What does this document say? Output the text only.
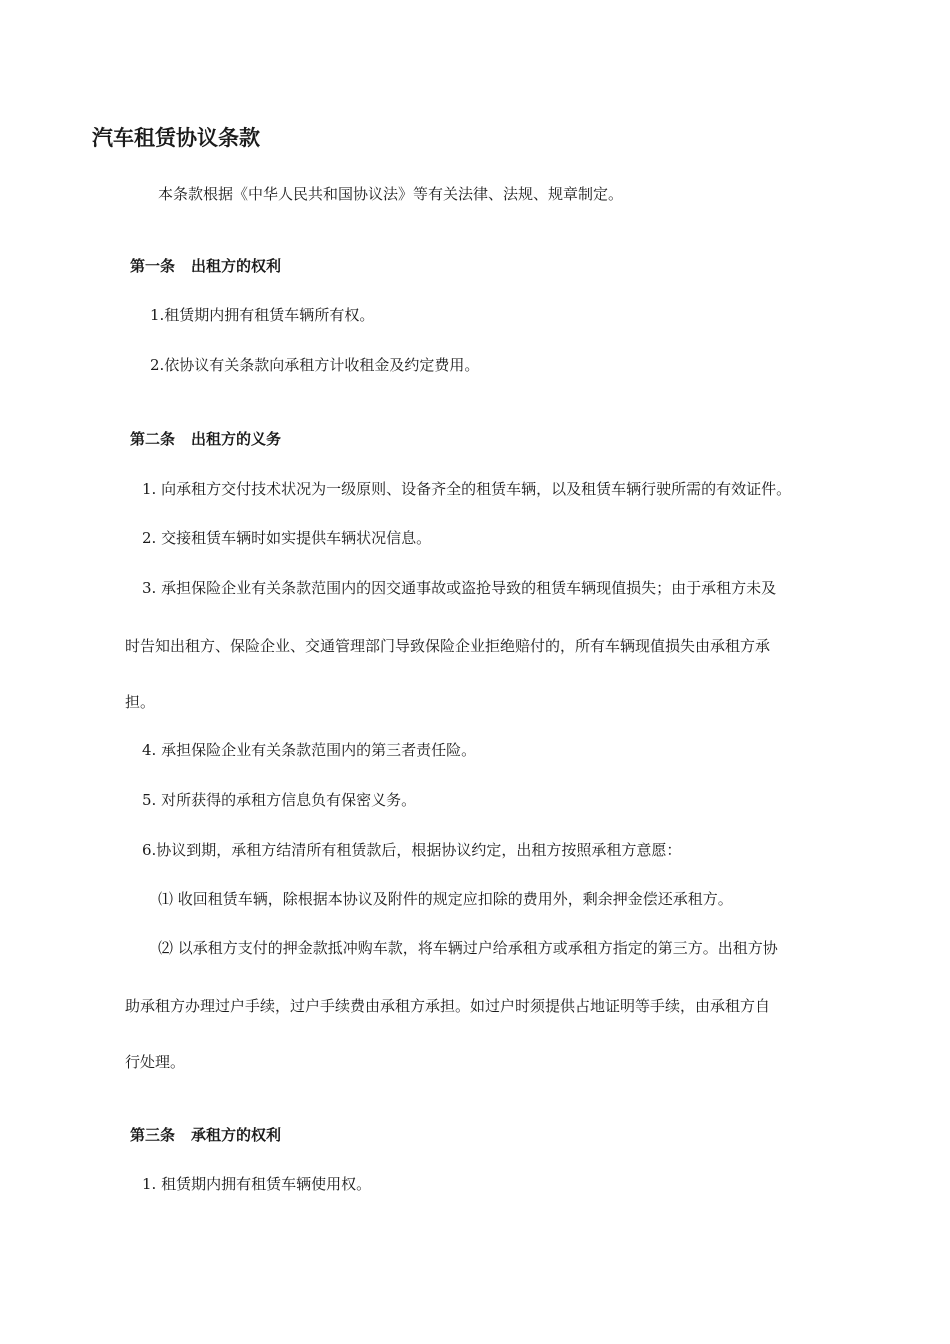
汽车租赁协议条款
本条款根据《中华人民共和国协议法》等有关法律、法规、规章制定。
第一条 出租方的权利
1.租赁期内拥有租赁车辆所有权。
2.依协议有关条款向承租方计收租金及约定费用。
第二条 出租方的义务
1. 向承租方交付技术状况为一级原则、设备齐全的租赁车辆，以及租赁车辆行驶所需的有效证件。
2. 交接租赁车辆时如实提供车辆状况信息。
3. 承担保险企业有关条款范围内的因交通事故或盗抢导致的租赁车辆现值损失；由于承租方未及
时告知出租方、保险企业、交通管理部门导致保险企业拒绝赔付的，所有车辆现值损失由承租方承
担。
4. 承担保险企业有关条款范围内的第三者责任险。
5. 对所获得的承租方信息负有保密义务。
6.协议到期，承租方结清所有租赁款后，根据协议约定，出租方按照承租方意愿：
⑴ 收回租赁车辆，除根据本协议及附件的规定应扣除的费用外，剩余押金偿还承租方。
⑵ 以承租方支付的押金款抵冲购车款，将车辆过户给承租方或承租方指定的第三方。出租方协
助承租方办理过户手续，过户手续费由承租方承担。如过户时须提供占地证明等手续，由承租方自
行处理。
第三条 承租方的权利
1. 租赁期内拥有租赁车辆使用权。
